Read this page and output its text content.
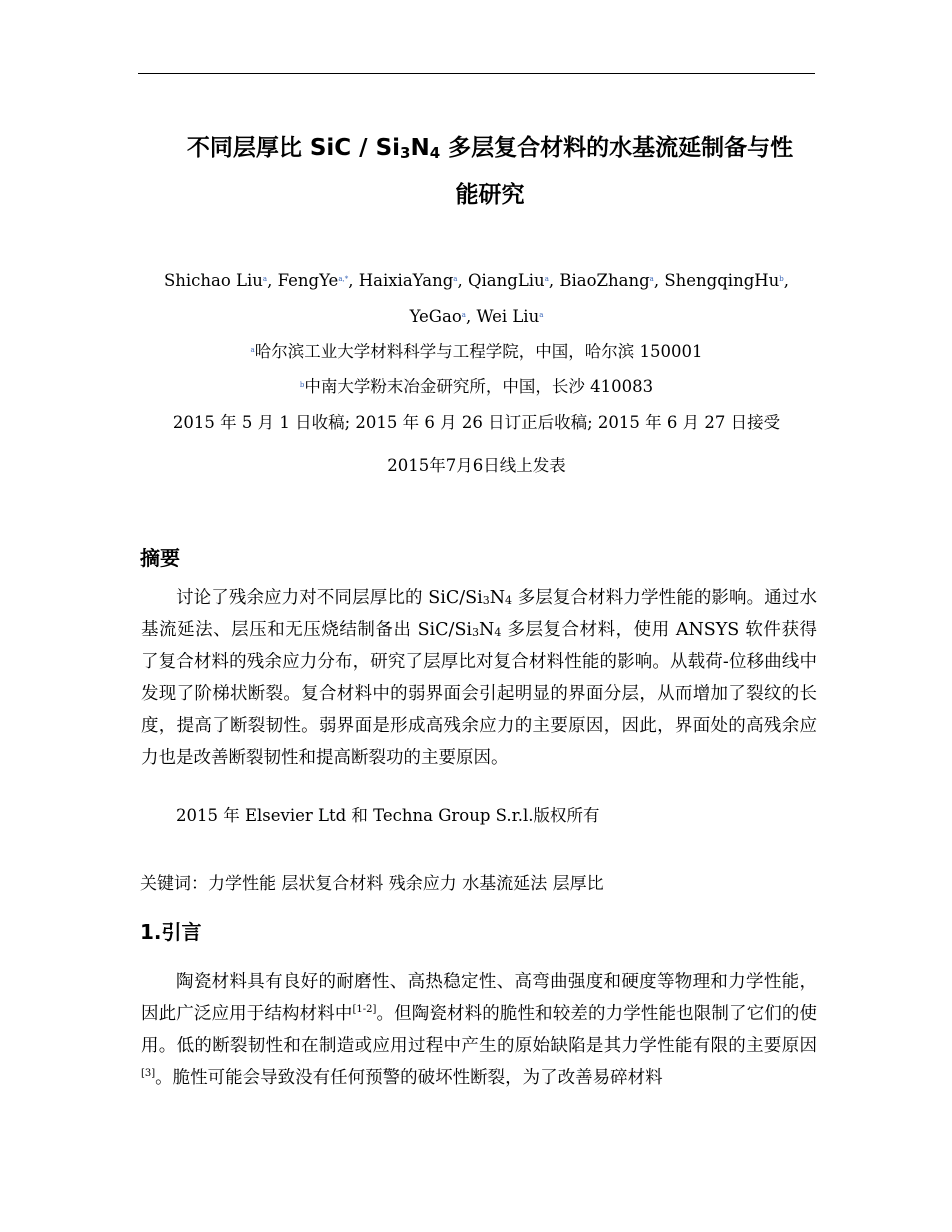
不同层厚比 SiC / $Si_3N_4$ 多层复合材料的水基流延制备与性
能研究
Shichao Liu$^a$, FengYe$^{a,*}$, HaixiaYang$^a$, QiangLiu$^a$, BiaoZhang$^a$, ShengqingHu$^b$,
YeGao$^a$, Wei Liu$^a$
$^a$哈尔滨工业大学材料科学与工程学院，中国，哈尔滨 150001
$^b$中南大学粉末冶金研究所，中国，长沙 410083
2015 年 5 月 1 日收稿; 2015 年 6 月 26 日订正后收稿; 2015 年 6 月 27 日接受
2015年7月6日线上发表
摘要

讨论了残余应力对不同层厚比的 SiC/$Si_3N_4$ 多层复合材料力学性能的影响。通过水基流延法、层压和无压烧结制备出 SiC/$Si_3N_4$ 多层复合材料，使用 ANSYS 软件获得了复合材料的残余应力分布，研究了层厚比对复合材料性能的影响。从载荷-位移曲线中发现了阶梯状断裂。复合材料中的弱界面会引起明显的界面分层，从而增加了裂纹的长度，提高了断裂韧性。弱界面是形成高残余应力的主要原因，因此，界面处的高残余应力也是改善断裂韧性和提高断裂功的主要原因。

2015 年 Elsevier Ltd 和 Techna Group S.r.l.版权所有

关键词：力学性能 层状复合材料 残余应力 水基流延法 层厚比

1.引言

陶瓷材料具有良好的耐磨性、高热稳定性、高弯曲强度和硬度等物理和力学性能，因此广泛应用于结构材料中[1-2]。但陶瓷材料的脆性和较差的力学性能也限制了它们的使用。低的断裂韧性和在制造或应用过程中产生的原始缺陷是其力学性能有限的主要原因[3]。脆性可能会导致没有任何预警的破坏性断裂，为了改善易碎材料
